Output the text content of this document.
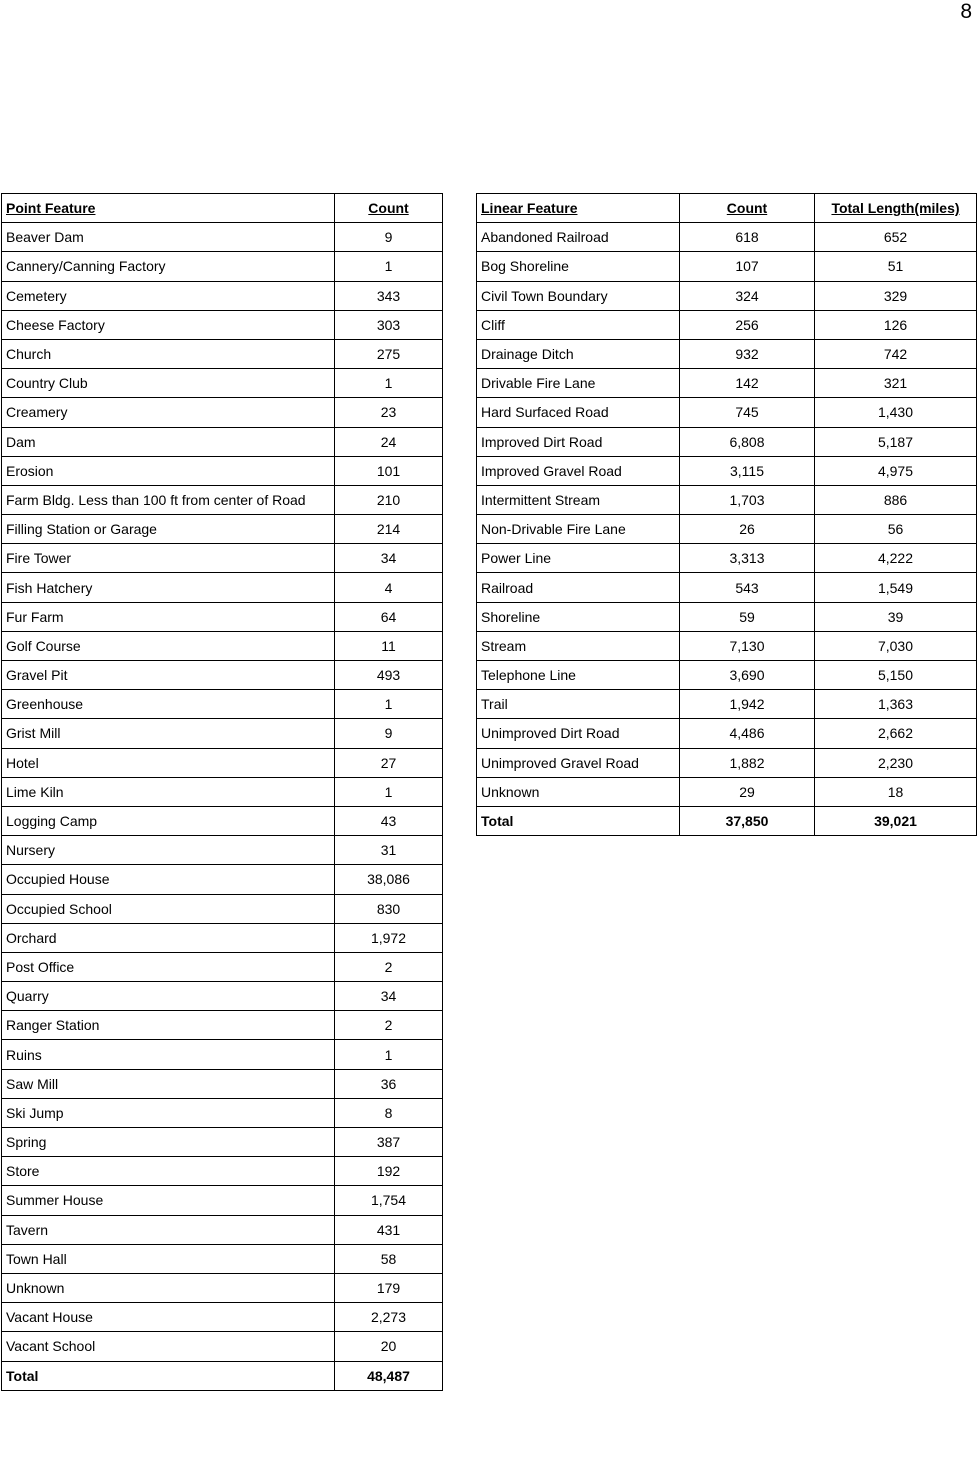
8
Point Feature	Count
Beaver Dam	9
Cannery/Canning Factory	1
Cemetery	343
Cheese Factory	303
Church	275
Country Club	1
Creamery	23
Dam	24
Erosion	101
Farm Bldg. Less than 100 ft from center of Road	210
Filling Station or Garage	214
Fire Tower	34
Fish Hatchery	4
Fur Farm	64
Golf Course	11
Gravel Pit	493
Greenhouse	1
Grist Mill	9
Hotel	27
Lime Kiln	1
Logging Camp	43
Nursery	31
Occupied House	38,086
Occupied School	830
Orchard	1,972
Post Office	2
Quarry	34
Ranger Station	2
Ruins	1
Saw Mill	36
Ski Jump	8
Spring	387
Store	192
Summer House	1,754
Tavern	431
Town Hall	58
Unknown	179
Vacant House	2,273
Vacant School	20
Total	48,487
Linear Feature	Count	Total Length(miles)
Abandoned Railroad	618	652
Bog Shoreline	107	51
Civil Town Boundary	324	329
Cliff	256	126
Drainage Ditch	932	742
Drivable Fire Lane	142	321
Hard Surfaced Road	745	1,430
Improved Dirt Road	6,808	5,187
Improved Gravel Road	3,115	4,975
Intermittent Stream	1,703	886
Non-Drivable Fire Lane	26	56
Power Line	3,313	4,222
Railroad	543	1,549
Shoreline	59	39
Stream	7,130	7,030
Telephone Line	3,690	5,150
Trail	1,942	1,363
Unimproved Dirt Road	4,486	2,662
Unimproved Gravel Road	1,882	2,230
Unknown	29	18
Total	37,850	39,021
